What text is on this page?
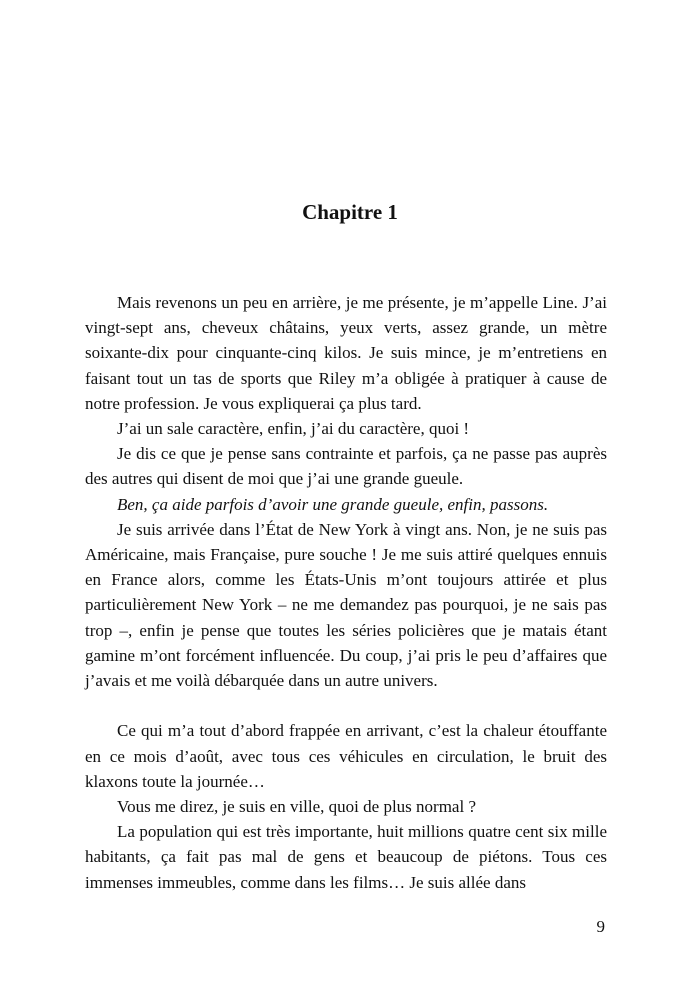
Chapitre 1

Mais revenons un peu en arrière, je me présente, je m’appelle Line. J’ai vingt-sept ans, cheveux châtains, yeux verts, assez grande, un mètre soixante-dix pour cinquante-cinq kilos. Je suis mince, je m’entretiens en faisant tout un tas de sports que Riley m’a obligée à pratiquer à cause de notre profession. Je vous expliquerai ça plus tard.

J’ai un sale caractère, enfin, j’ai du caractère, quoi !

Je dis ce que je pense sans contrainte et parfois, ça ne passe pas auprès des autres qui disent de moi que j’ai une grande gueule.

Ben, ça aide parfois d’avoir une grande gueule, enfin, passons.

Je suis arrivée dans l’État de New York à vingt ans. Non, je ne suis pas Américaine, mais Française, pure souche ! Je me suis attiré quelques ennuis en France alors, comme les États-Unis m’ont toujours attirée et plus particulièrement New York – ne me demandez pas pourquoi, je ne sais pas trop –, enfin je pense que toutes les séries policières que je matais étant gamine m’ont forcément influencée. Du coup, j’ai pris le peu d’affaires que j’avais et me voilà débarquée dans un autre univers.

Ce qui m’a tout d’abord frappée en arrivant, c’est la chaleur étouffante en ce mois d’août, avec tous ces véhicules en circulation, le bruit des klaxons toute la journée…

Vous me direz, je suis en ville, quoi de plus normal ?

La population qui est très importante, huit millions quatre cent six mille habitants, ça fait pas mal de gens et beaucoup de piétons. Tous ces immenses immeubles, comme dans les films… Je suis allée dans

9
